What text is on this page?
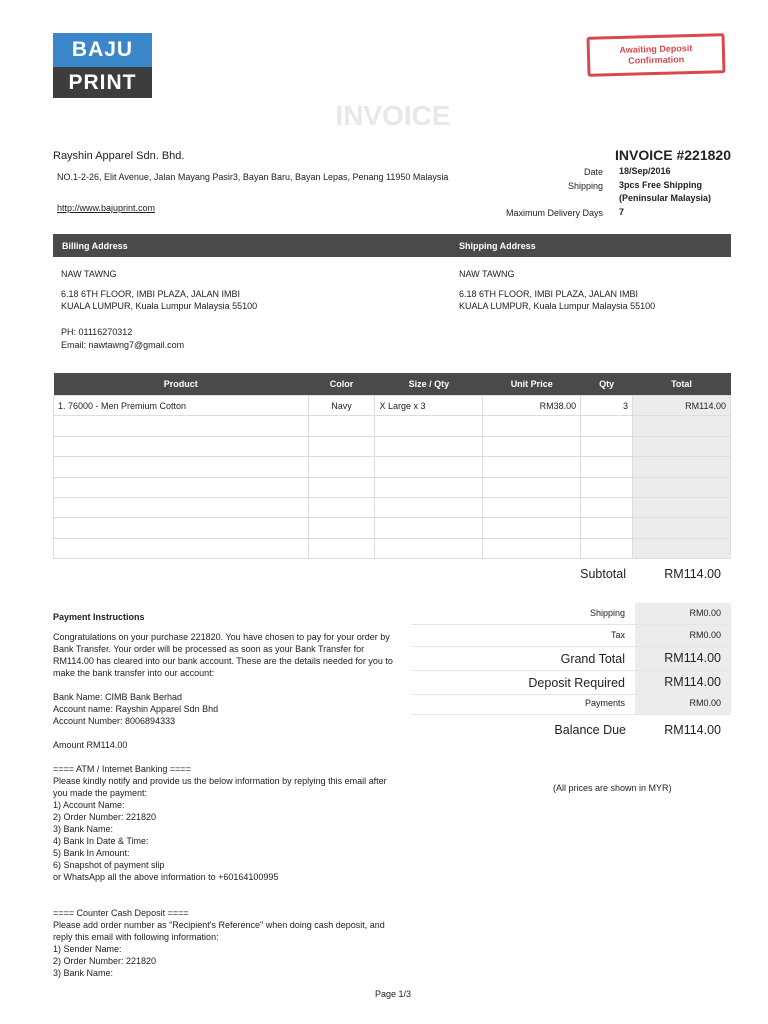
BAJU
PRINT
Awaiting Deposit
Confirmation
INVOICE
Rayshin Apparel Sdn. Bhd.
NO.1-2-26, Elit Avenue, Jalan Mayang Pasir3, Bayan Baru, Bayan Lepas, Penang 11950 Malaysia
http://www.bajuprint.com
INVOICE #221820
Date 18/Sep/2016
Shipping 3pcs Free Shipping
(Peninsular Malaysia)
Maximum Delivery Days 7
Billing Address	Shipping Address
NAW TAWNG
6.18 6TH FLOOR, IMBI PLAZA, JALAN IMBI
KUALA LUMPUR, Kuala Lumpur Malaysia 55100
PH: 01116270312
Email: nawtawng7@gmail.com
NAW TAWNG
6.18 6TH FLOOR, IMBI PLAZA, JALAN IMBI
KUALA LUMPUR, Kuala Lumpur Malaysia 55100
Product	Color	Size / Qty	Unit Price	Qty	Total
1. 76000 - Men Premium Cotton	Navy	X Large x 3	RM38.00	3	RM114.00

Subtotal	RM114.00
Shipping	RM0.00
Tax	RM0.00
Grand Total	RM114.00
Deposit Required	RM114.00
Payments	RM0.00
Balance Due	RM114.00
(All prices are shown in MYR)
Payment Instructions
Congratulations on your purchase 221820. You have chosen to pay for your order by Bank Transfer. Your order will be processed as soon as your Bank Transfer for RM114.00 has cleared into our bank account. These are the details needed for you to make the bank transfer into our account:

Bank Name: CIMB Bank Berhad
Account name: Rayshin Apparel Sdn Bhd
Account Number: 8006894333

Amount RM114.00

==== ATM / Internet Banking ====
Please kindly notify and provide us the below information by replying this email after you made the payment:
1) Account Name:
2) Order Number: 221820
3) Bank Name:
4) Bank In Date & Time:
5) Bank In Amount:
6) Snapshot of payment slip
or WhatsApp all the above information to +60164100995

==== Counter Cash Deposit ====
Please add order number as "Recipient's Reference" when doing cash deposit, and reply this email with following information:
1) Sender Name:
2) Order Number: 221820
3) Bank Name:
Page 1/3
